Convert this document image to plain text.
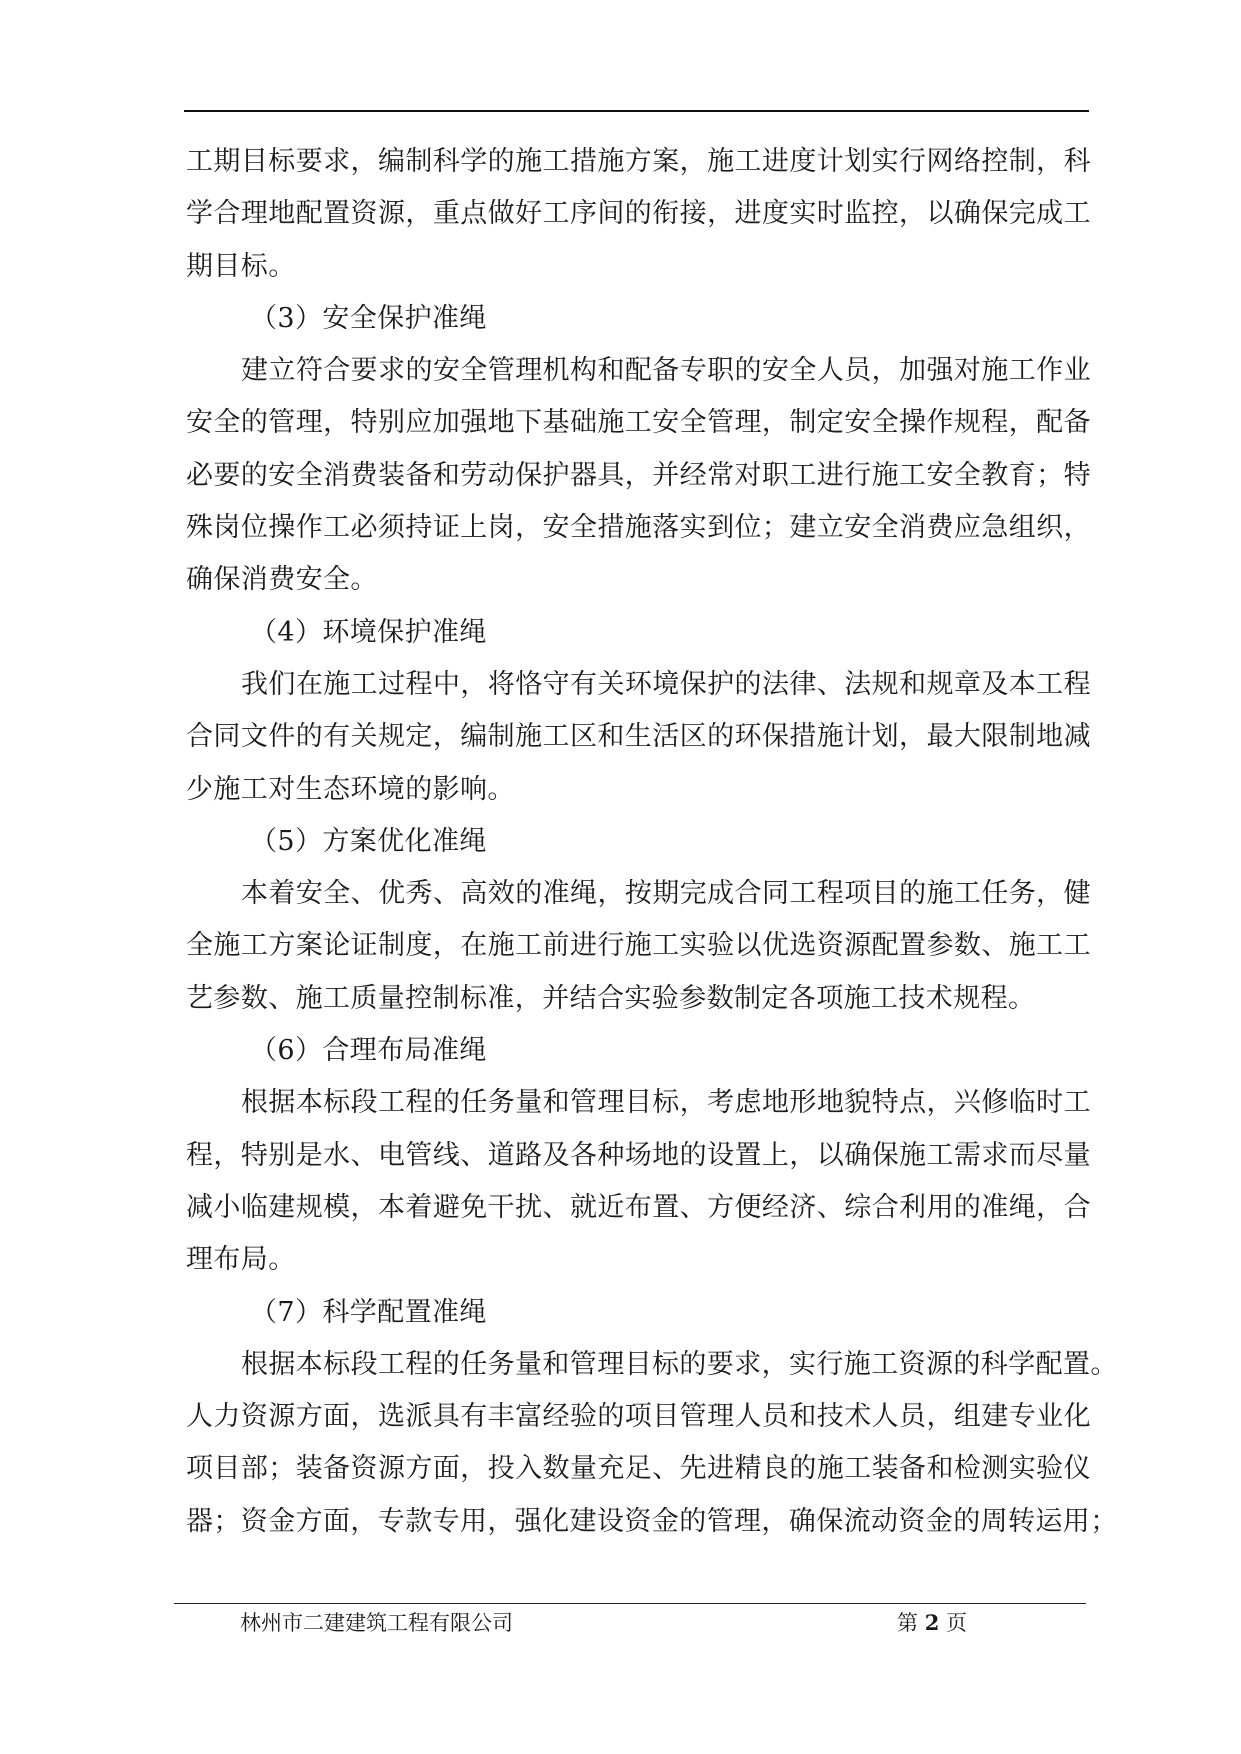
工期目标要求，编制科学的施工措施方案，施工进度计划实行网络控制，科
学合理地配置资源，重点做好工序间的衔接，进度实时监控，以确保完成工
期目标。
（3）安全保护准绳
建立符合要求的安全管理机构和配备专职的安全人员，加强对施工作业
安全的管理，特别应加强地下基础施工安全管理，制定安全操作规程，配备
必要的安全消费装备和劳动保护器具，并经常对职工进行施工安全教育；特
殊岗位操作工必须持证上岗，安全措施落实到位；建立安全消费应急组织，
确保消费安全。
（4）环境保护准绳
我们在施工过程中，将恪守有关环境保护的法律、法规和规章及本工程
合同文件的有关规定，编制施工区和生活区的环保措施计划，最大限制地减
少施工对生态环境的影响。
（5）方案优化准绳
本着安全、优秀、高效的准绳，按期完成合同工程项目的施工任务，健
全施工方案论证制度，在施工前进行施工实验以优选资源配置参数、施工工
艺参数、施工质量控制标准，并结合实验参数制定各项施工技术规程。
（6）合理布局准绳
根据本标段工程的任务量和管理目标，考虑地形地貌特点，兴修临时工
程，特别是水、电管线、道路及各种场地的设置上，以确保施工需求而尽量
减小临建规模，本着避免干扰、就近布置、方便经济、综合利用的准绳，合
理布局。
（7）科学配置准绳
根据本标段工程的任务量和管理目标的要求，实行施工资源的科学配置。
人力资源方面，选派具有丰富经验的项目管理人员和技术人员，组建专业化
项目部；装备资源方面，投入数量充足、先进精良的施工装备和检测实验仪
器；资金方面，专款专用，强化建设资金的管理，确保流动资金的周转运用；
林州市二建建筑工程有限公司	第 2 页
